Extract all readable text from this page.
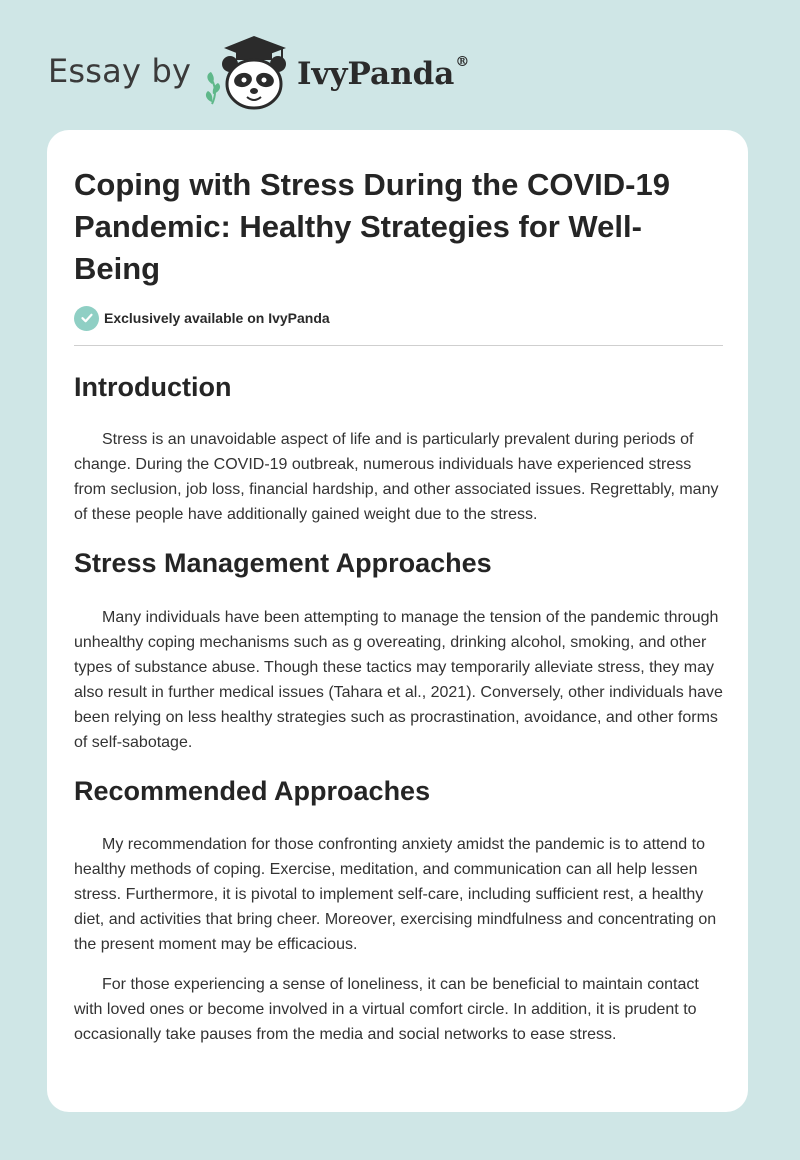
Essay by	IvyPanda®
Coping with Stress During the COVID-19 Pandemic: Healthy Strategies for Well-Being
Exclusively available on IvyPanda
Introduction

Stress is an unavoidable aspect of life and is particularly prevalent during periods of change. During the COVID-19 outbreak, numerous individuals have experienced stress from seclusion, job loss, financial hardship, and other associated issues. Regrettably, many of these people have additionally gained weight due to the stress.

Stress Management Approaches

Many individuals have been attempting to manage the tension of the pandemic through unhealthy coping mechanisms such as g overeating, drinking alcohol, smoking, and other types of substance abuse. Though these tactics may temporarily alleviate stress, they may also result in further medical issues (Tahara et al., 2021). Conversely, other individuals have been relying on less healthy strategies such as procrastination, avoidance, and other forms of self-sabotage.

Recommended Approaches

My recommendation for those confronting anxiety amidst the pandemic is to attend to healthy methods of coping. Exercise, meditation, and communication can all help lessen stress. Furthermore, it is pivotal to implement self-care, including sufficient rest, a healthy diet, and activities that bring cheer. Moreover, exercising mindfulness and concentrating on the present moment may be efficacious.

For those experiencing a sense of loneliness, it can be beneficial to maintain contact with loved ones or become involved in a virtual comfort circle. In addition, it is prudent to occasionally take pauses from the media and social networks to ease stress.
